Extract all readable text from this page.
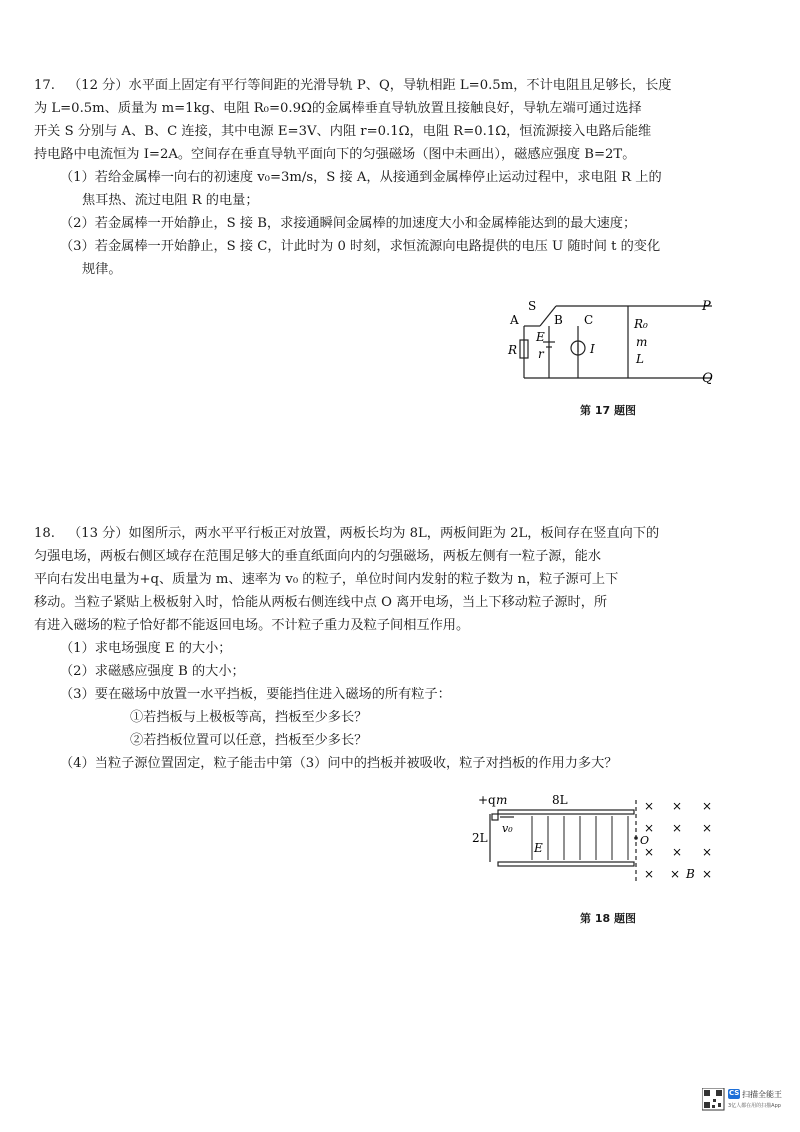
17. （12 分）水平面上固定有平行等间距的光滑导轨 P、Q，导轨相距 L=0.5m，不计电阻且足够长，长度

为 L=0.5m、质量为 m=1kg、电阻 R₀=0.9Ω的金属棒垂直导轨放置且接触良好，导轨左端可通过选择

开关 S 分别与 A、B、C 连接，其中电源 E=3V、内阻 r=0.1Ω，电阻 R=0.1Ω，恒流源接入电路后能维

持电路中电流恒为 I=2A。空间存在垂直导轨平面向下的匀强磁场（图中未画出），磁感应强度 B=2T。

（1）若给金属棒一向右的初速度 v₀=3m/s，S 接 A，从接通到金属棒停止运动过程中，求电阻 R 上的

焦耳热、流过电阻 R 的电量；

（2）若金属棒一开始静止，S 接 B，求接通瞬间金属棒的加速度大小和金属棒能达到的最大速度；

（3）若金属棒一开始静止，S 接 C，计此时为 0 时刻，求恒流源向电路提供的电压 U 随时间 t 的变化

规律。

A
S
B C
E
r
R	I
R₀
m
L
P
Q
第 17 题图

18. （13 分）如图所示，两水平平行板正对放置，两板长均为 8L，两板间距为 2L，板间存在竖直向下的

匀强电场，两板右侧区域存在范围足够大的垂直纸面向内的匀强磁场，两板左侧有一粒子源，能水

平向右发出电量为+q、质量为 m、速率为 v₀ 的粒子，单位时间内发射的粒子数为 n，粒子源可上下

移动。当粒子紧贴上极板射入时，恰能从两板右侧连线中点 O 离开电场，当上下移动粒子源时，所

有进入磁场的粒子恰好都不能返回电场。不计粒子重力及粒子间相互作用。

（1）求电场强度 E 的大小；

（2）求磁感应强度 B 的大小；

（3）要在磁场中放置一水平挡板，要能挡住进入磁场的所有粒子：

①若挡板与上极板等高，挡板至少多长？

②若挡板位置可以任意，挡板至少多长？

（4）当粒子源位置固定，粒子能击中第（3）问中的挡板并被吸收，粒子对挡板的作用力多大？

+q m	8L
2L
v₀
E
O
B
× × ×
× × ×
× ×
×
× × ×
第 18 题图
CS 扫描全能王
3亿人都在用的扫描App
